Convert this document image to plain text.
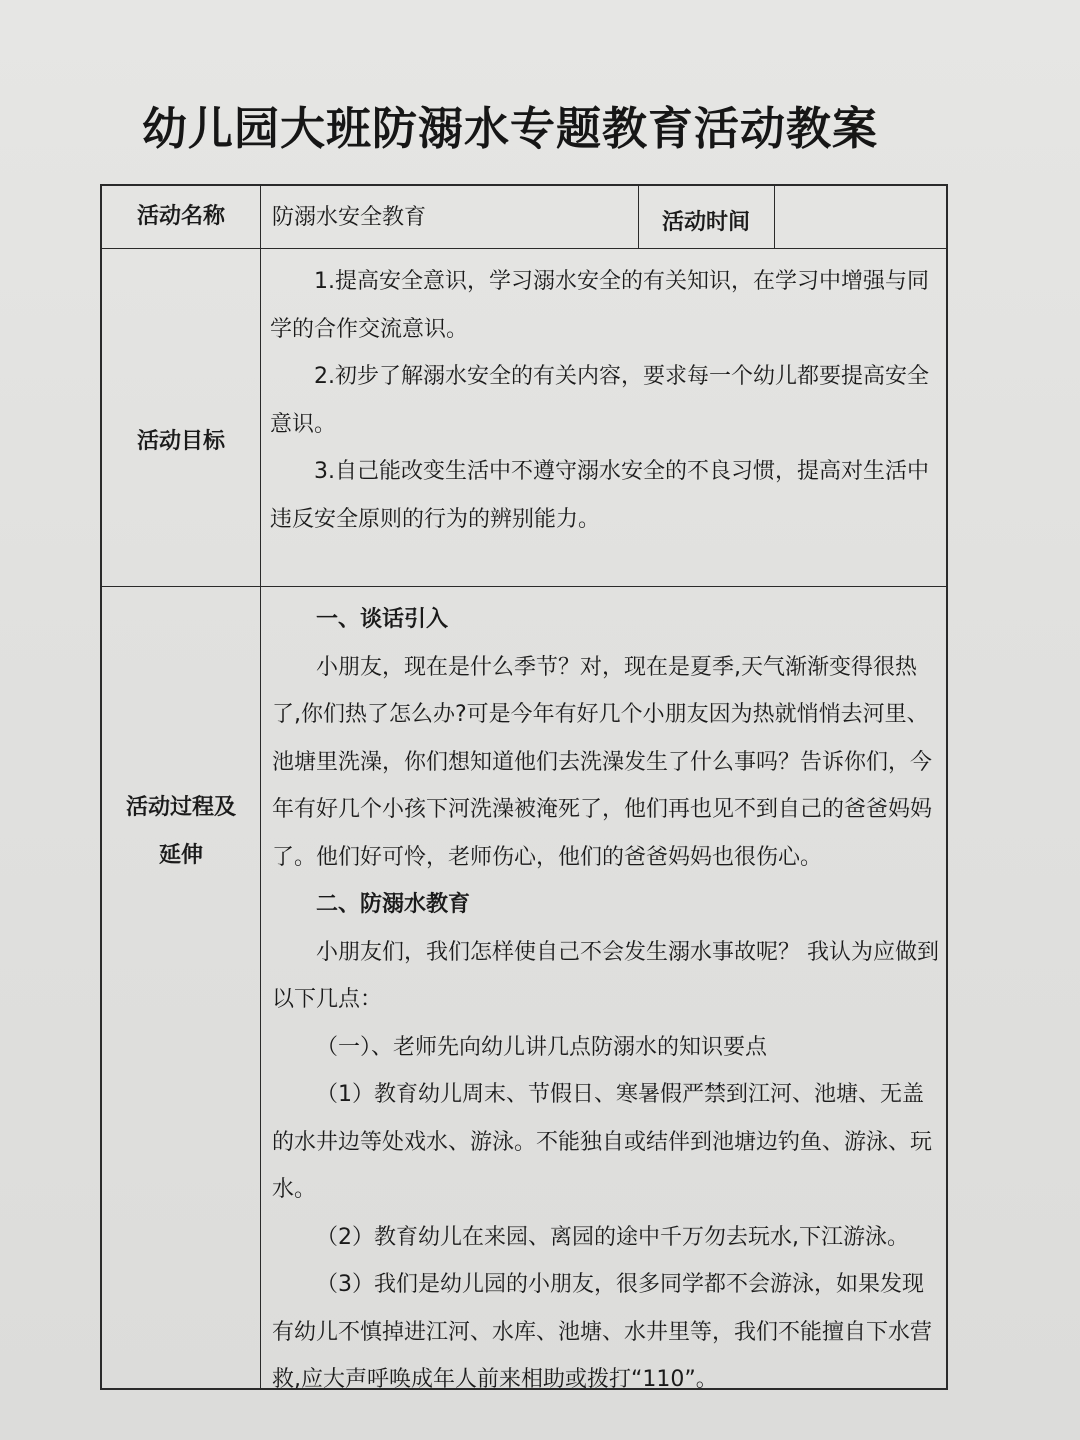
幼儿园大班防溺水专题教育活动教案
活动名称	防溺水安全教育	活动时间
活动目标

1.提高安全意识，学习溺水安全的有关知识，在学习中增强与同学的合作交流意识。

2.初步了解溺水安全的有关内容，要求每一个幼儿都要提高安全意识。

3.自己能改变生活中不遵守溺水安全的不良习惯，提高对生活中违反安全原则的行为的辨别能力。

活动过程及
延伸

一、谈话引入

小朋友，现在是什么季节？对，现在是夏季,天气渐渐变得很热了,你们热了怎么办?可是今年有好几个小朋友因为热就悄悄去河里、池塘里洗澡，你们想知道他们去洗澡发生了什么事吗？告诉你们，今年有好几个小孩下河洗澡被淹死了，他们再也见不到自己的爸爸妈妈了。他们好可怜，老师伤心，他们的爸爸妈妈也很伤心。

二、防溺水教育

小朋友们，我们怎样使自己不会发生溺水事故呢？ 我认为应做到以下几点：

（一）、老师先向幼儿讲几点防溺水的知识要点

（1）教育幼儿周末、节假日、寒暑假严禁到江河、池塘、无盖的水井边等处戏水、游泳。不能独自或结伴到池塘边钓鱼、游泳、玩水。

（2）教育幼儿在来园、离园的途中千万勿去玩水,下江游泳。

（3）我们是幼儿园的小朋友，很多同学都不会游泳，如果发现有幼儿不慎掉进江河、水库、池塘、水井里等，我们不能擅自下水营救,应大声呼唤成年人前来相助或拨打“110”。
